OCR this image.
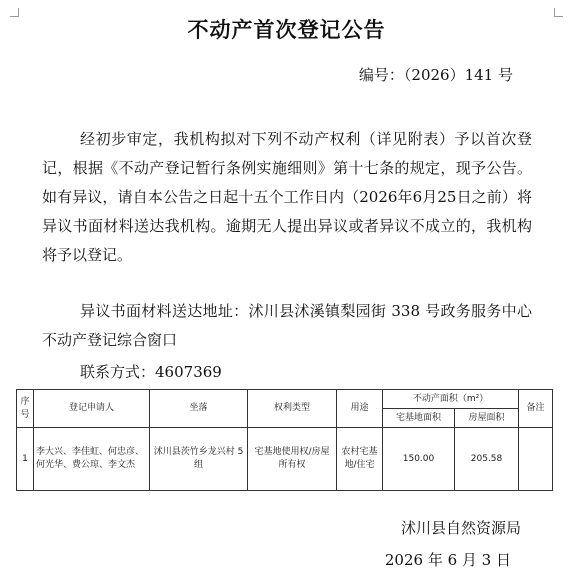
不动产首次登记公告
编号：（2026）141 号
经初步审定，我机构拟对下列不动产权利（详见附表）予以首次登记，根据《不动产登记暂行条例实施细则》第十七条的规定，现予公告。如有异议，请自本公告之日起十五个工作日内（2026年6月25日之前）将异议书面材料送达我机构。逾期无人提出异议或者异议不成立的，我机构将予以登记。
异议书面材料送达地址：沭川县沭溪镇梨园街 338 号政务服务中心不动产登记综合窗口
联系方式：4607369
序号	登记申请人	坐落	权利类型	用途	不动产面积（m²）		备注
					宅基地面积	房屋面积	
1	李大兴、李佳虹、何忠彦、何光华、费公琼、李文杰	沭川县茨竹乡龙兴村 5 组	宅基地使用权/房屋所有权	农村宅基地/住宅	150.00	205.58	
沭川县自然资源局
2026 年 6 月 3 日
